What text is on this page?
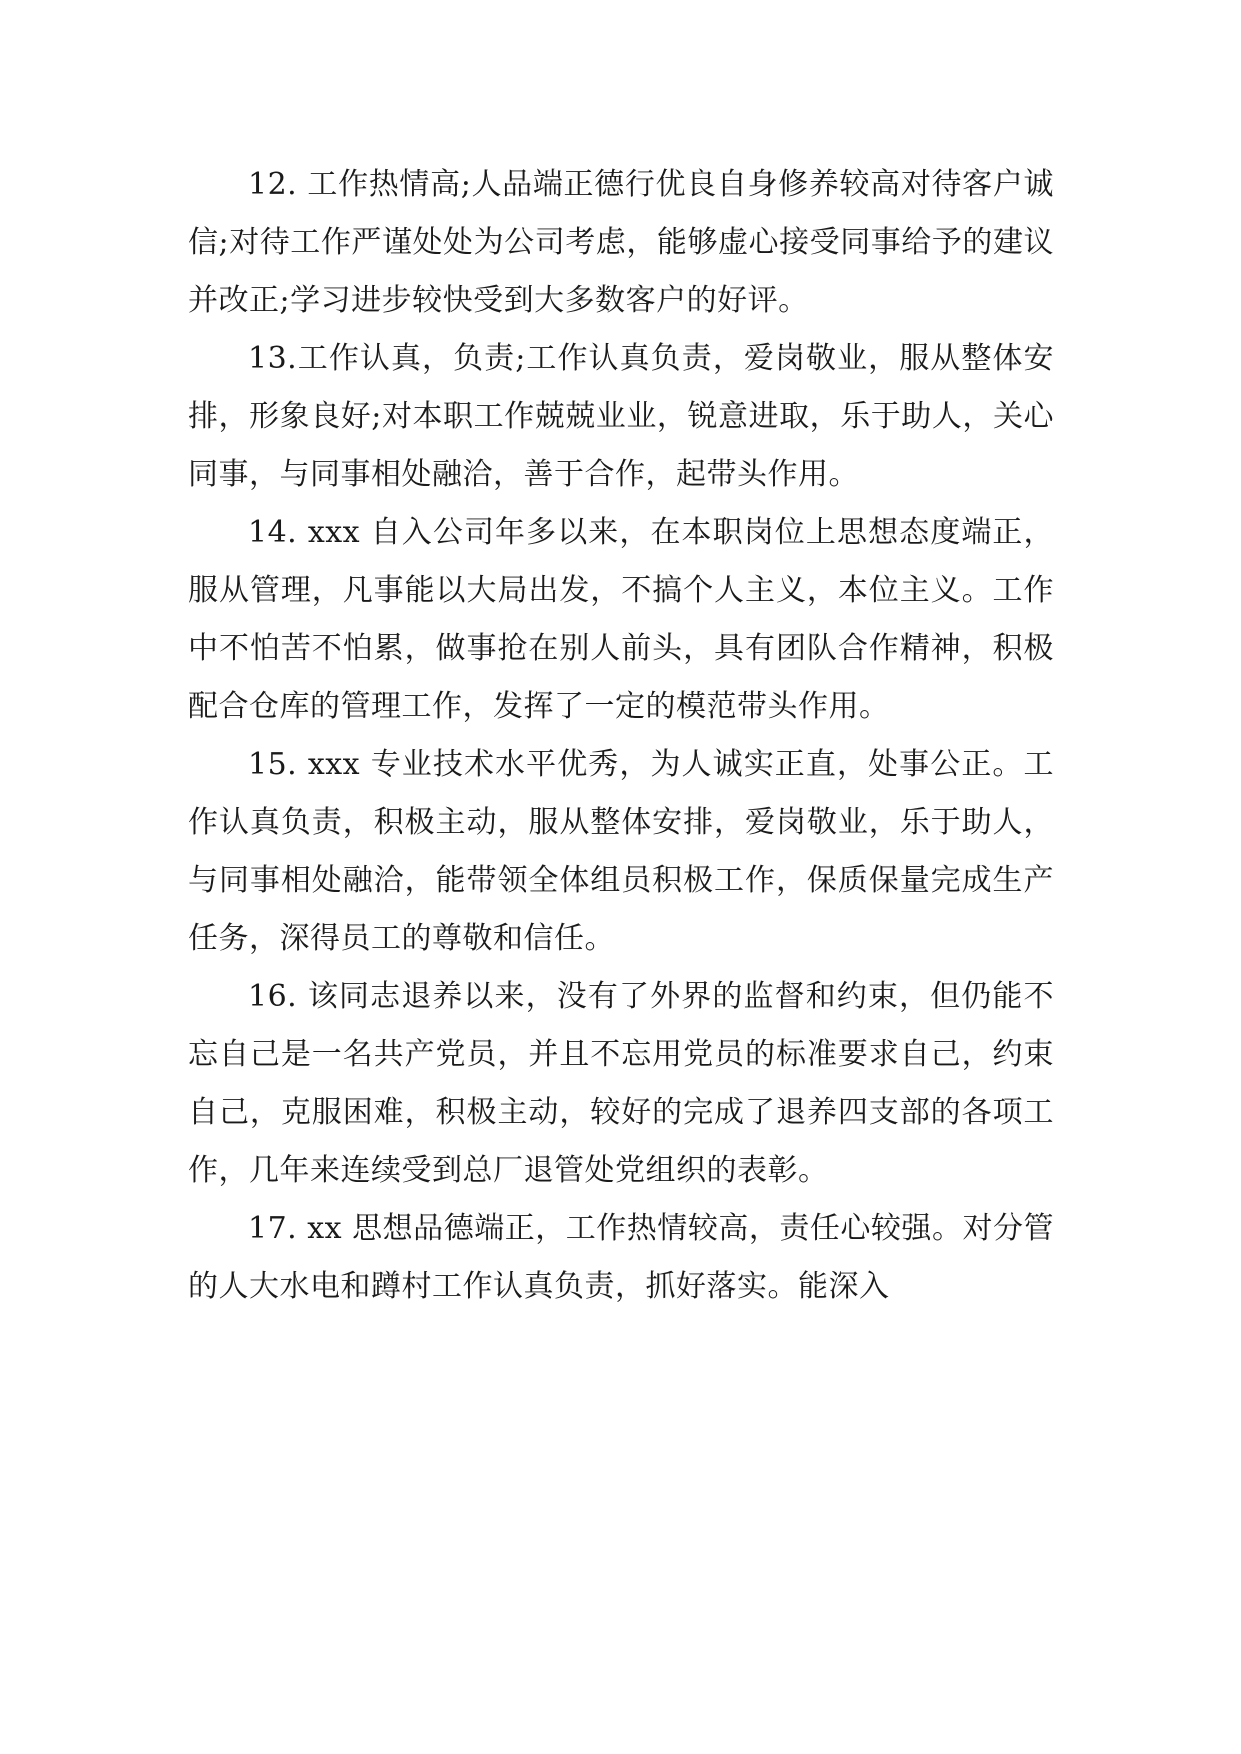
12. 工作热情高;人品端正德行优良自身修养较高对待客户诚信;对待工作严谨处处为公司考虑，能够虚心接受同事给予的建议并改正;学习进步较快受到大多数客户的好评。

13.工作认真，负责;工作认真负责，爱岗敬业，服从整体安排，形象良好;对本职工作兢兢业业，锐意进取，乐于助人，关心同事，与同事相处融洽，善于合作，起带头作用。

14. xxx 自入公司年多以来，在本职岗位上思想态度端正，服从管理，凡事能以大局出发，不搞个人主义，本位主义。工作中不怕苦不怕累，做事抢在别人前头，具有团队合作精神，积极配合仓库的管理工作，发挥了一定的模范带头作用。

15. xxx 专业技术水平优秀，为人诚实正直，处事公正。工作认真负责，积极主动，服从整体安排，爱岗敬业，乐于助人，与同事相处融洽，能带领全体组员积极工作，保质保量完成生产任务，深得员工的尊敬和信任。

16. 该同志退养以来，没有了外界的监督和约束，但仍能不忘自己是一名共产党员，并且不忘用党员的标准要求自己，约束自己，克服困难，积极主动，较好的完成了退养四支部的各项工作，几年来连续受到总厂退管处党组织的表彰。

17. xx 思想品德端正，工作热情较高，责任心较强。对分管的人大水电和蹲村工作认真负责，抓好落实。能深入
